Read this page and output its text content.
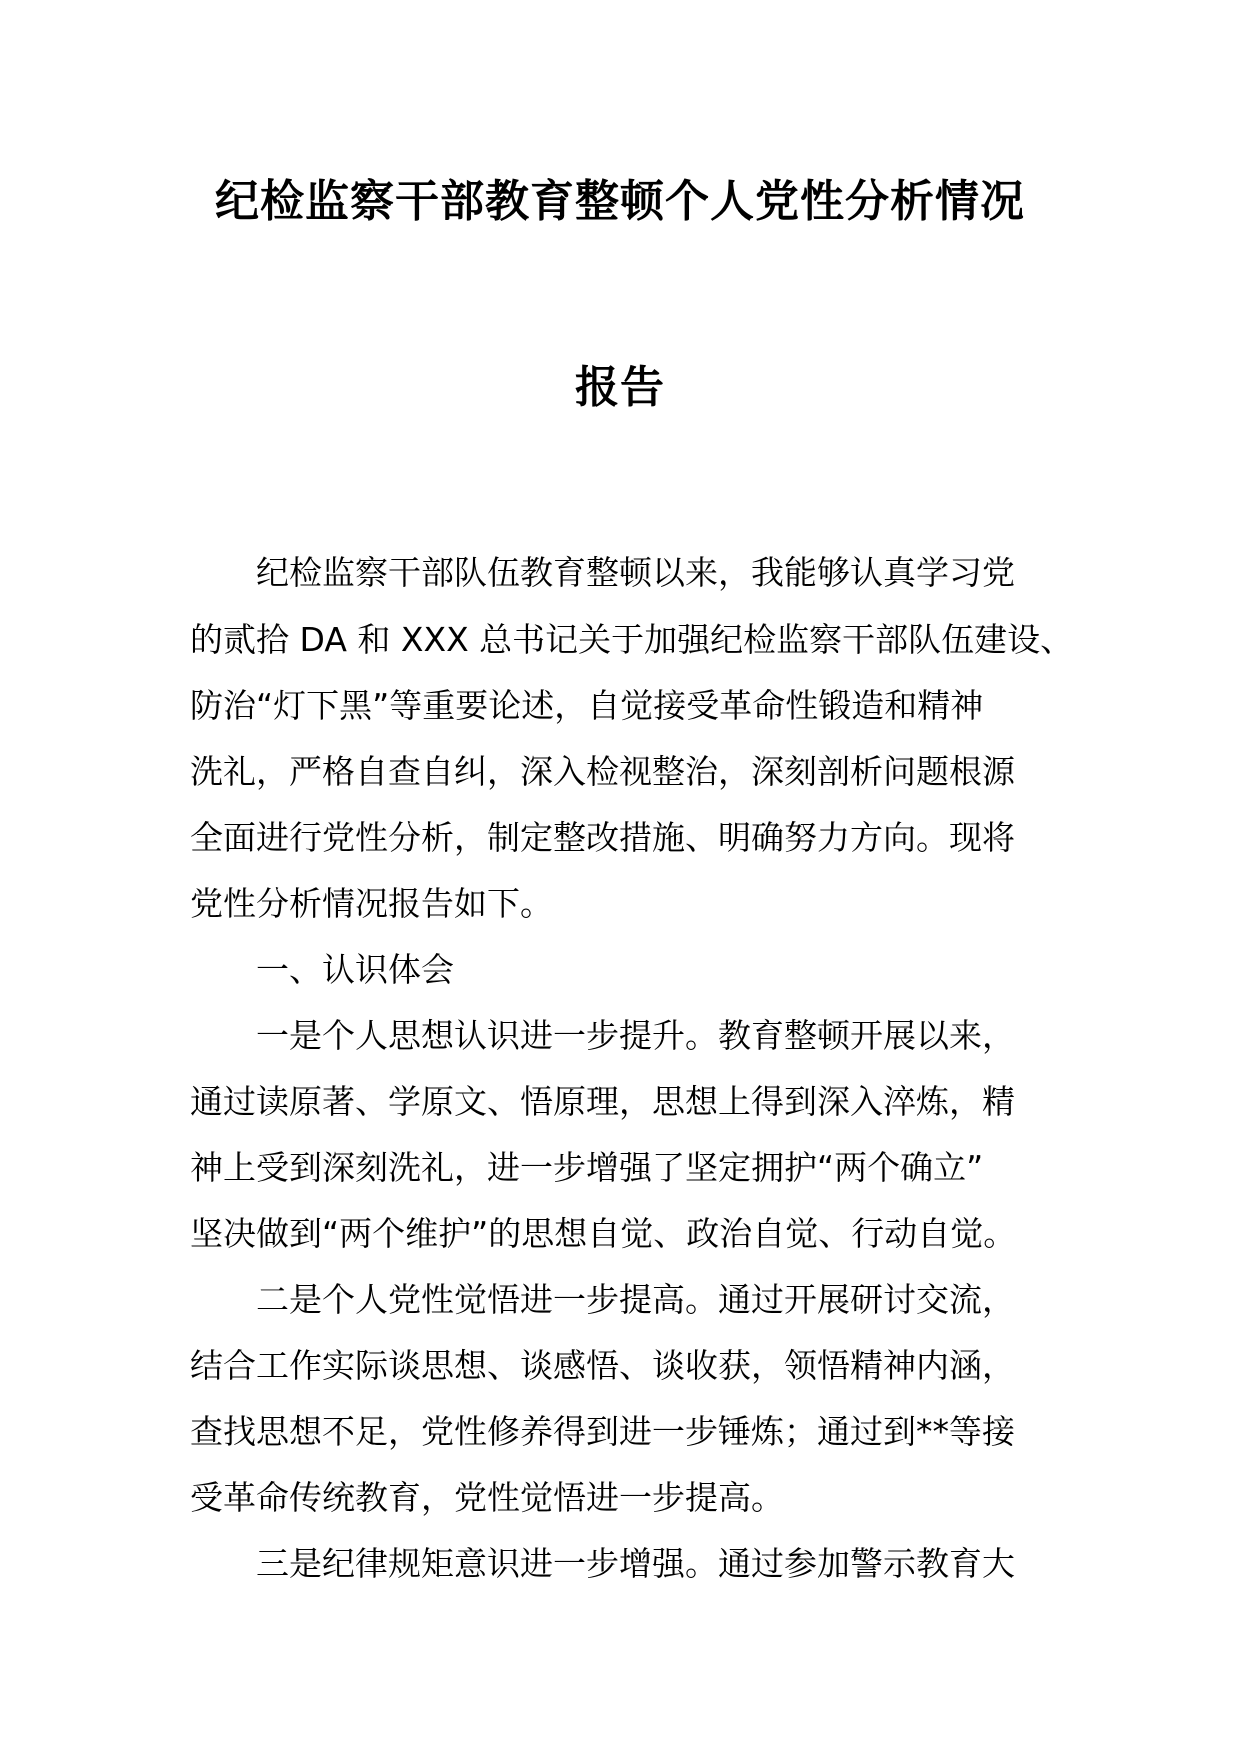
纪检监察干部教育整顿个人党性分析情况
报告
　　纪检监察干部队伍教育整顿以来，我能够认真学习党
的贰拾 DA 和 XXX 总书记关于加强纪检监察干部队伍建设、
防治“灯下黑”等重要论述，自觉接受革命性锻造和精神
洗礼，严格自查自纠，深入检视整治，深刻剖析问题根源
全面进行党性分析，制定整改措施、明确努力方向。现将
党性分析情况报告如下。
　　一、认识体会
　　一是个人思想认识进一步提升。教育整顿开展以来，
通过读原著、学原文、悟原理，思想上得到深入淬炼，精
神上受到深刻洗礼，进一步增强了坚定拥护“两个确立”
坚决做到“两个维护”的思想自觉、政治自觉、行动自觉。
　　二是个人党性觉悟进一步提高。通过开展研讨交流，
结合工作实际谈思想、谈感悟、谈收获，领悟精神内涵，
查找思想不足，党性修养得到进一步锤炼；通过到**等接
受革命传统教育，党性觉悟进一步提高。
　　三是纪律规矩意识进一步增强。通过参加警示教育大
